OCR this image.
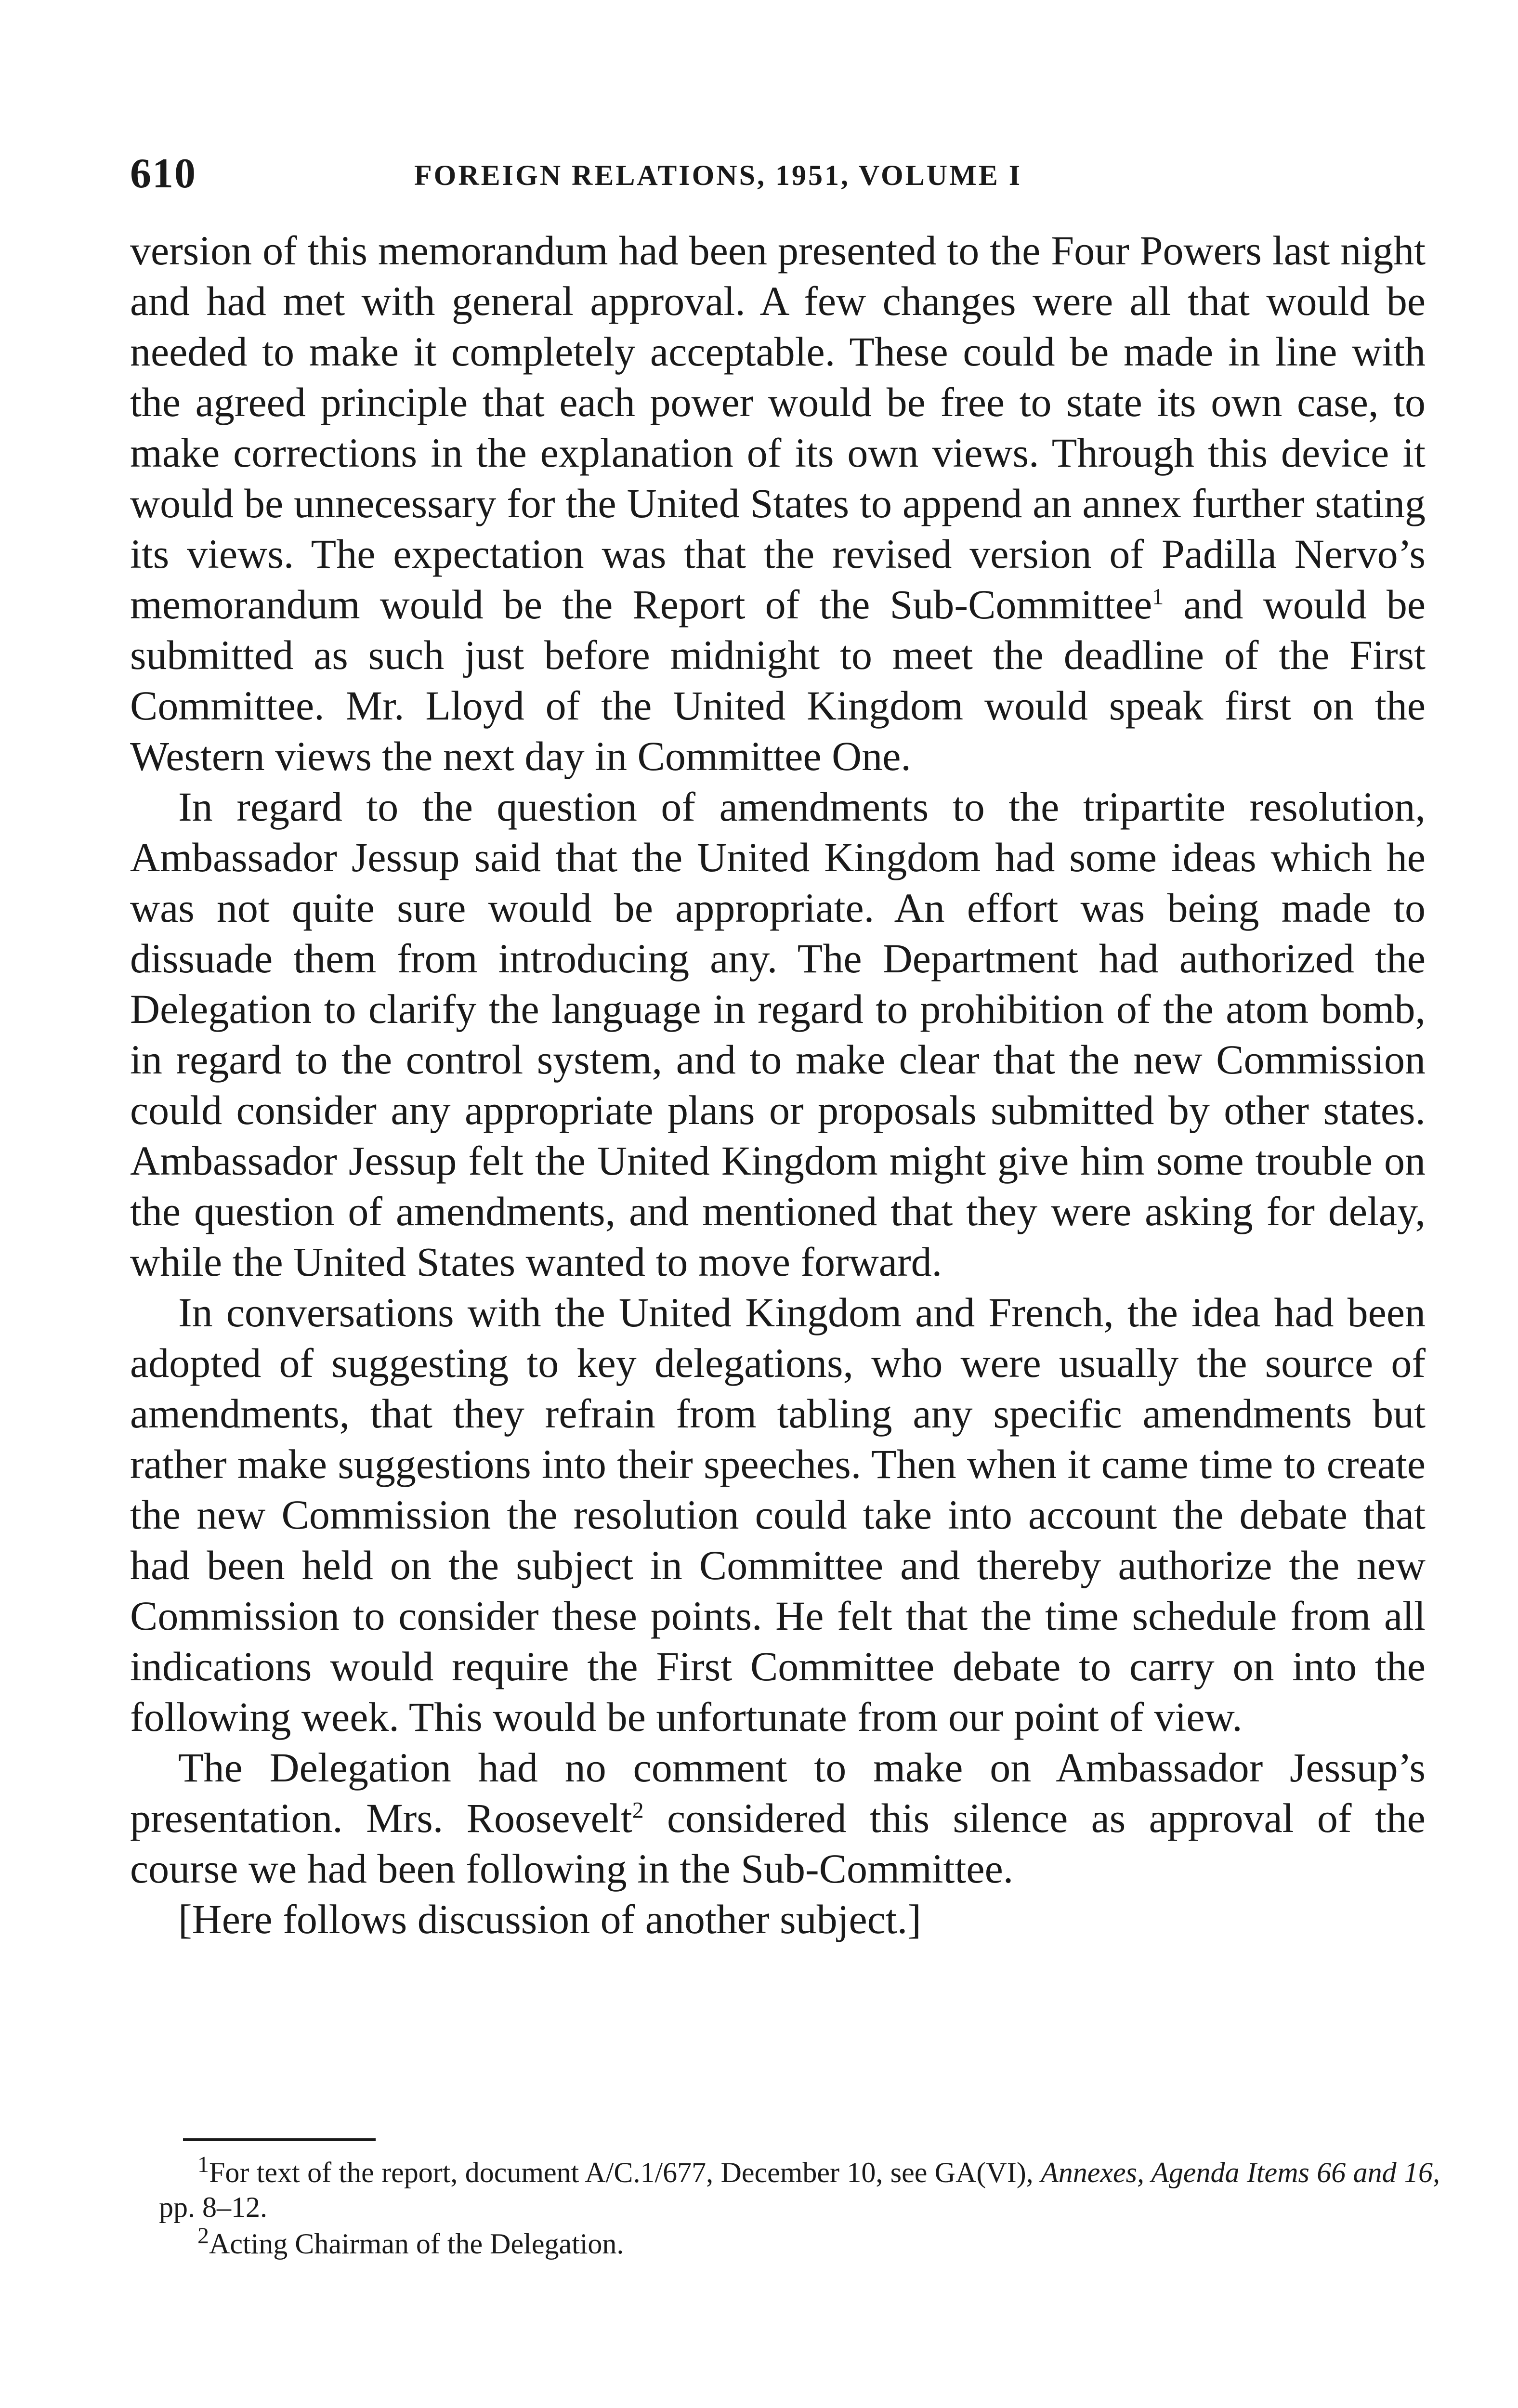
610	FOREIGN RELATIONS, 1951, VOLUME I

version of this memorandum had been presented to the Four Powers last night and had met with general approval. A few changes were all that would be needed to make it completely acceptable. These could be made in line with the agreed principle that each power would be free to state its own case, to make corrections in the explanation of its own views. Through this device it would be unnecessary for the United States to append an annex further stating its views. The expectation was that the revised version of Padilla Nervo’s memorandum would be the Report of the Sub-Committee$^1$ and would be submitted as such just before midnight to meet the deadline of the First Committee. Mr. Lloyd of the United Kingdom would speak first on the Western views the next day in Committee One.

In regard to the question of amendments to the tripartite resolution, Ambassador Jessup said that the United Kingdom had some ideas which he was not quite sure would be appropriate. An effort was being made to dissuade them from introducing any. The Department had authorized the Delegation to clarify the language in regard to prohibition of the atom bomb, in regard to the control system, and to make clear that the new Commission could consider any appropriate plans or proposals submitted by other states. Ambassador Jessup felt the United Kingdom might give him some trouble on the question of amendments, and mentioned that they were asking for delay, while the United States wanted to move forward.

In conversations with the United Kingdom and French, the idea had been adopted of suggesting to key delegations, who were usually the source of amendments, that they refrain from tabling any specific amendments but rather make suggestions into their speeches. Then when it came time to create the new Commission the resolution could take into account the debate that had been held on the subject in Committee and thereby authorize the new Commission to consider these points. He felt that the time schedule from all indications would require the First Committee debate to carry on into the following week. This would be unfortunate from our point of view.

The Delegation had no comment to make on Ambassador Jessup’s presentation. Mrs. Roosevelt$^2$ considered this silence as approval of the course we had been following in the Sub-Committee.

[Here follows discussion of another subject.]

$^1$For text of the report, document A/C.1/677, December 10, see GA(VI), Annexes, Agenda Items 66 and 16, pp. 8–12.

$^2$Acting Chairman of the Delegation.
